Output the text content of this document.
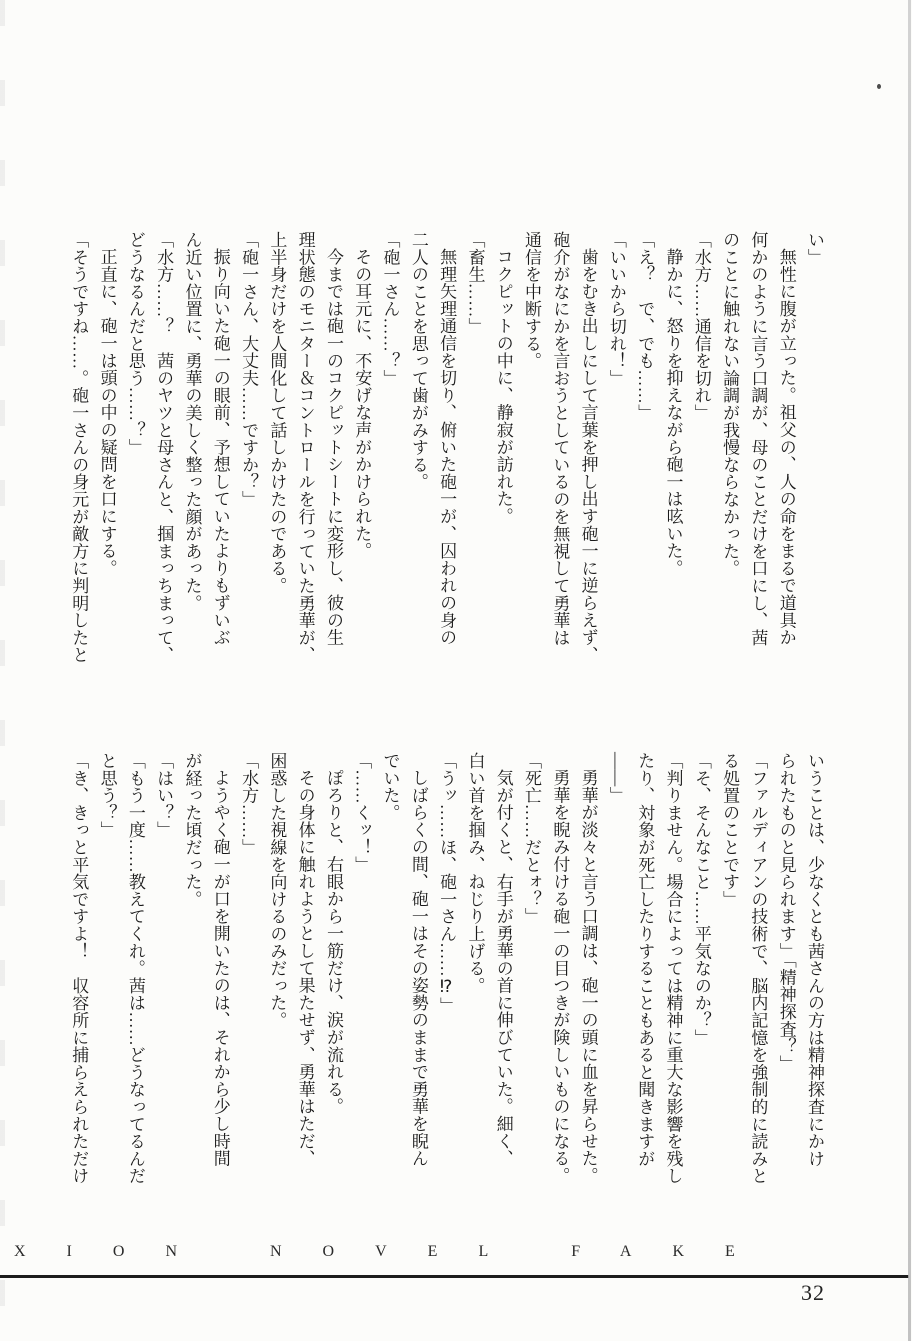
い」

無性に腹が立った。祖父の、人の命をまるで道具か

何かのように言う口調が、母のことだけを口にし、茜

のことに触れない論調が我慢ならなかった。

「水方……通信を切れ」

静かに、怒りを抑えながら砲一は呟いた。

「え？　で、でも……」

「いいから切れ！」

歯をむき出しにして言葉を押し出す砲一に逆らえず、

砲介がなにかを言おうとしているのを無視して勇華は

通信を中断する。

コクピットの中に、静寂が訪れた。

「畜生……」

無理矢理通信を切り、俯いた砲一が、囚われの身の

二人のことを思って歯がみする。

「砲一さん……？」

その耳元に、不安げな声がかけられた。

今までは砲一のコクピットシートに変形し、彼の生

理状態のモニター＆コントロールを行っていた勇華が、

上半身だけを人間化して話しかけたのである。

「砲一さん、大丈夫……ですか？」

振り向いた砲一の眼前、予想していたよりもずいぶ

ん近い位置に、勇華の美しく整った顔があった。

「水方……？　茜のヤツと母さんと、掴まっちまって、

どうなるんだと思う……？」

正直に、砲一は頭の中の疑問を口にする。

「そうですね……。砲一さんの身元が敵方に判明したと

いうことは、少なくとも茜さんの方は精神探査にかけ

られたものと見られます」「精神探査？」

「ファルディアンの技術で、脳内記憶を強制的に読みと

る処置のことです」

「そ、そんなこと……平気なのか？」

「判りません。場合によっては精神に重大な影響を残し

たり、対象が死亡したりすることもあると聞きますが

――」

勇華が淡々と言う口調は、砲一の頭に血を昇らせた。

勇華を睨み付ける砲一の目つきが険しいものになる。

「死亡……だとォ？」

気が付くと、右手が勇華の首に伸びていた。細く、

白い首を掴み、ねじり上げる。

「うッ……ほ、砲一さん……⁉」

しばらくの間、砲一はその姿勢のままで勇華を睨ん

でいた。

「……くッ！」

ぽろりと、右眼から一筋だけ、涙が流れる。

その身体に触れようとして果たせず、勇華はただ、

困惑した視線を向けるのみだった。

「水方……」

ようやく砲一が口を開いたのは、それから少し時間

が経った頃だった。

「はい？」

「もう一度……教えてくれ。茜は……どうなってるんだ

と思う？」

「き、きっと平気ですよ！　収容所に捕らえられただけ

XION	NOVEL	FAKE
32
